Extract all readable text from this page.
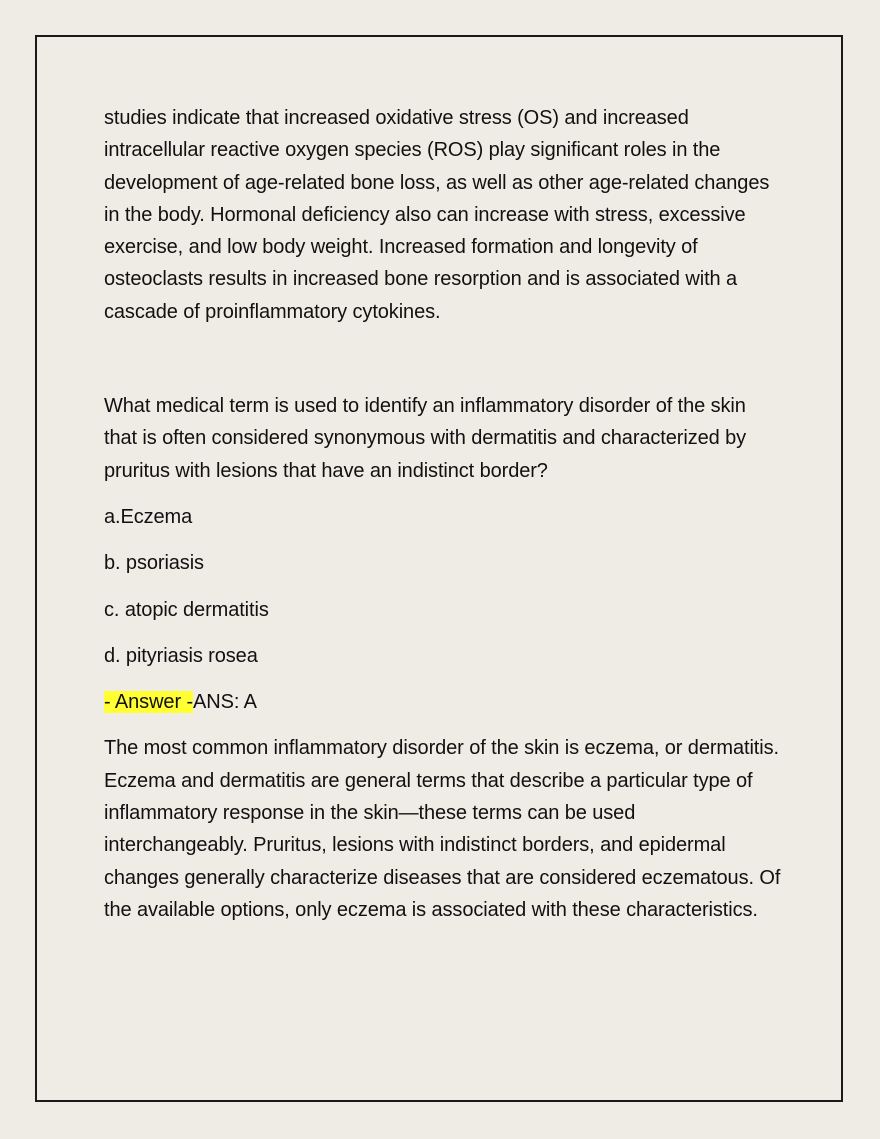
studies indicate that increased oxidative stress (OS) and increased intracellular reactive oxygen species (ROS) play significant roles in the development of age-related bone loss, as well as other age-related changes in the body. Hormonal deficiency also can increase with stress, excessive exercise, and low body weight. Increased formation and longevity of osteoclasts results in increased bone resorption and is associated with a cascade of proinflammatory cytokines.

What medical term is used to identify an inflammatory disorder of the skin that is often considered synonymous with dermatitis and characterized by pruritus with lesions that have an indistinct border?

a.Eczema

b. psoriasis

c. atopic dermatitis

d. pityriasis rosea

- Answer -ANS: A

The most common inflammatory disorder of the skin is eczema, or dermatitis. Eczema and dermatitis are general terms that describe a particular type of inflammatory response in the skin—these terms can be used interchangeably. Pruritus, lesions with indistinct borders, and epidermal changes generally characterize diseases that are considered eczematous. Of the available options, only eczema is associated with these characteristics.
